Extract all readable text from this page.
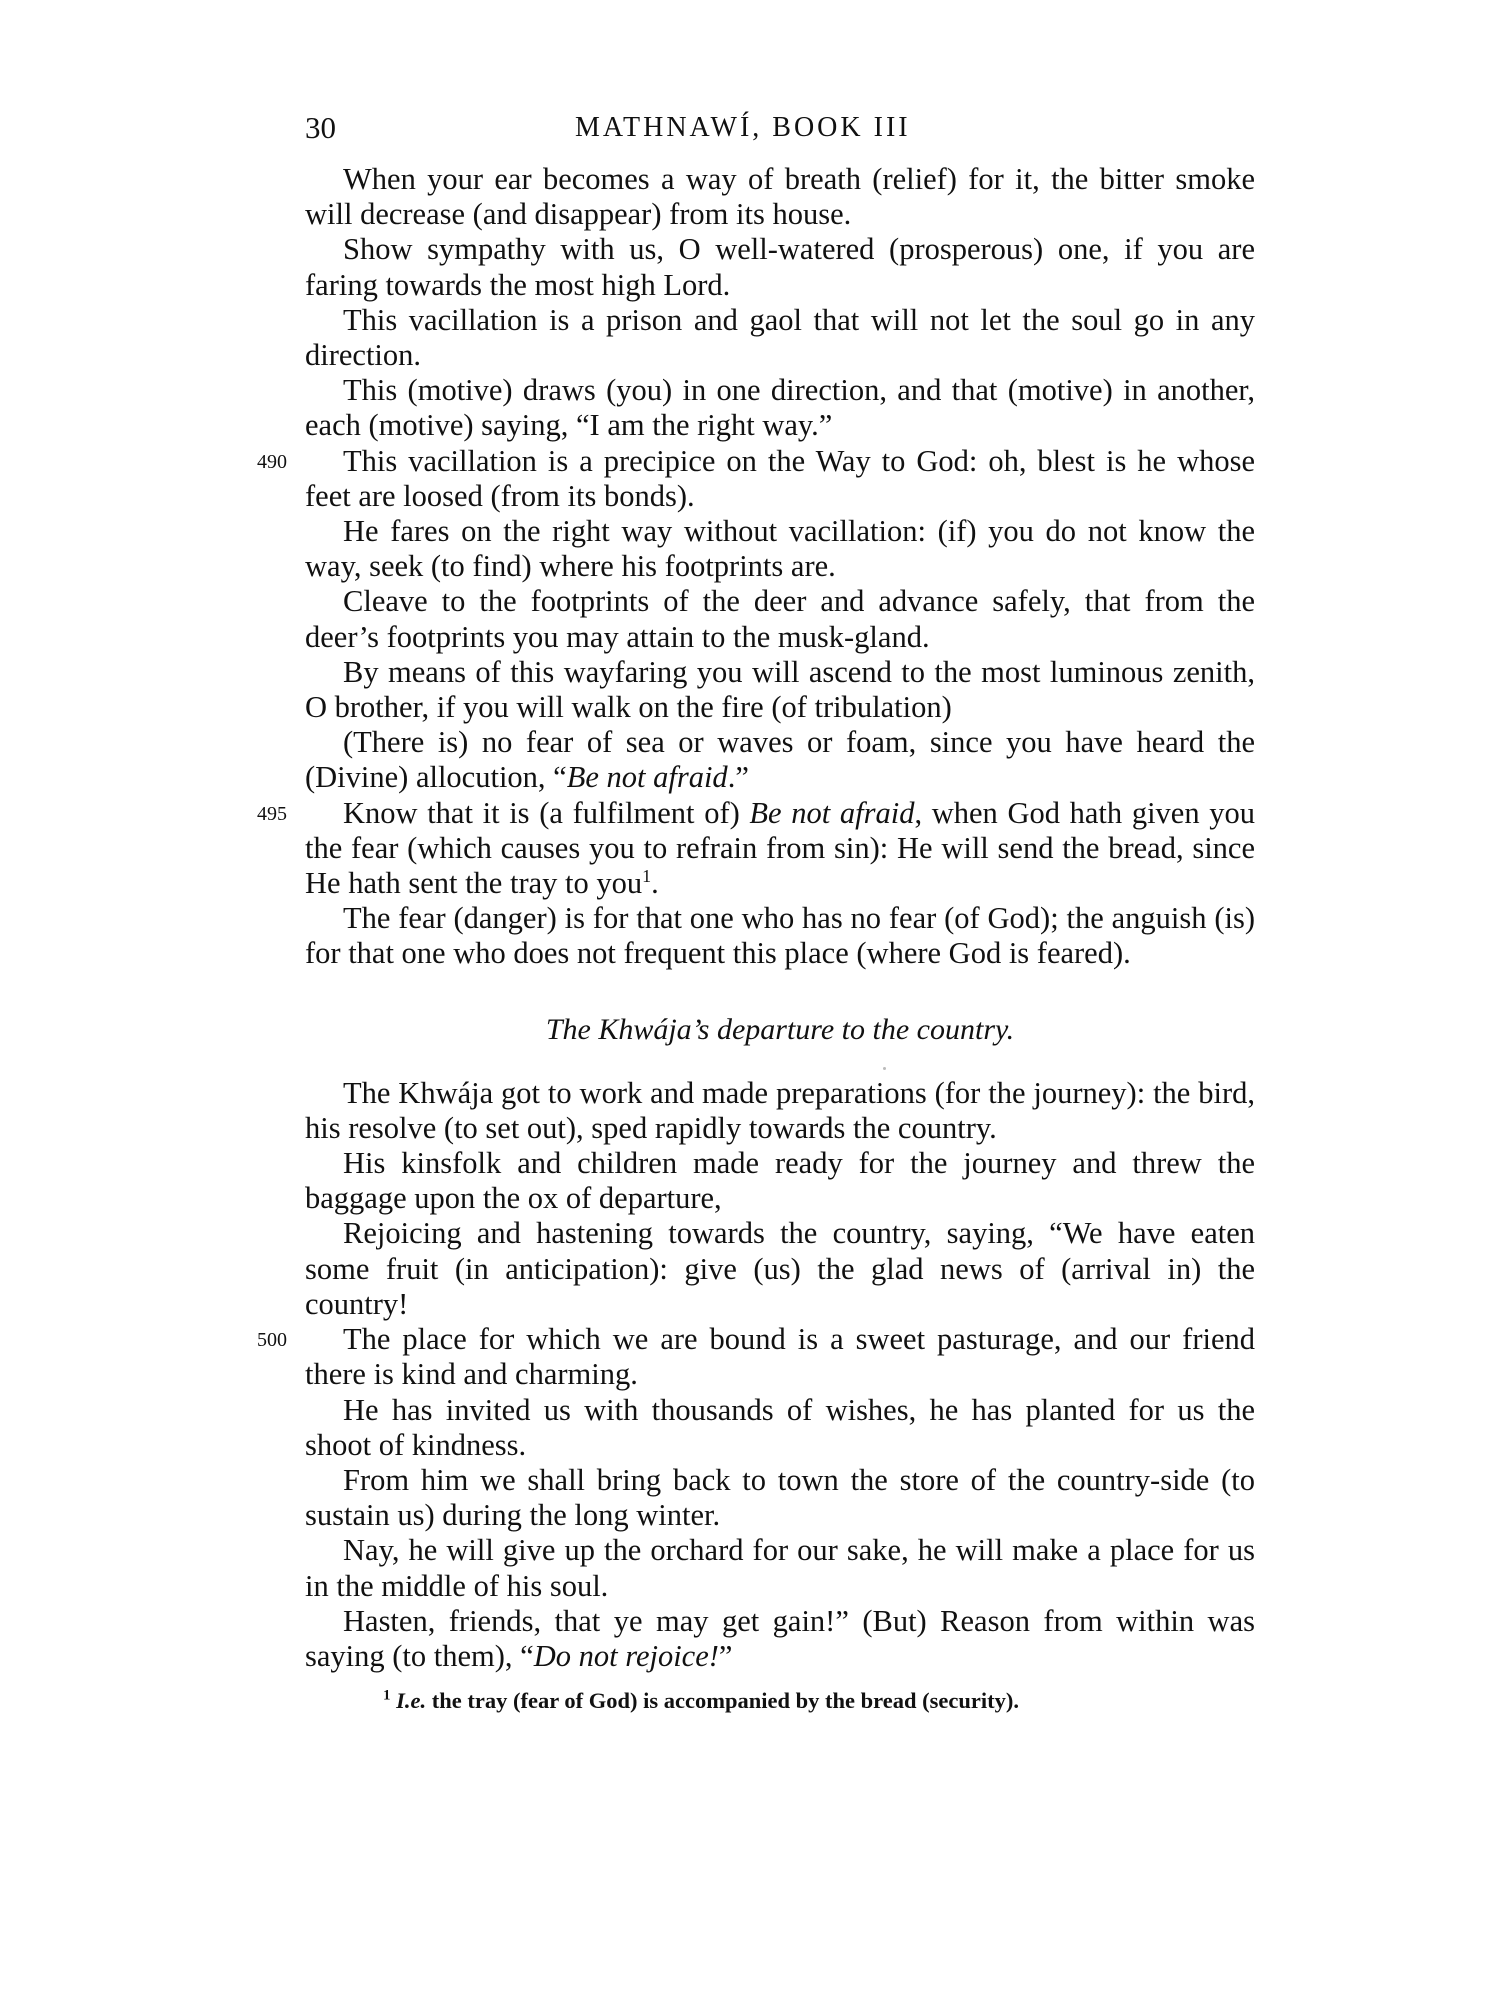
30	MATHNAWÍ, BOOK III

When your ear becomes a way of breath (relief) for it, the bitter smoke will decrease (and disappear) from its house.

Show sympathy with us, O well-watered (prosperous) one, if you are faring towards the most high Lord.

This vacillation is a prison and gaol that will not let the soul go in any direction.

This (motive) draws (you) in one direction, and that (motive) in another, each (motive) saying, “I am the right way.”

490	This vacillation is a precipice on the Way to God: oh, blest is he whose feet are loosed (from its bonds).

He fares on the right way without vacillation: (if) you do not know the way, seek (to find) where his footprints are.

Cleave to the footprints of the deer and advance safely, that from the deer’s footprints you may attain to the musk-gland.

By means of this wayfaring you will ascend to the most luminous zenith, O brother, if you will walk on the fire (of tribulation)

(There is) no fear of sea or waves or foam, since you have heard the (Divine) allocution, “Be not afraid.”

495	Know that it is (a fulfilment of) Be not afraid, when God hath given you the fear (which causes you to refrain from sin): He will send the bread, since He hath sent the tray to you$^1$.

The fear (danger) is for that one who has no fear (of God); the anguish (is) for that one who does not frequent this place (where God is feared).

The Khwája’s departure to the country.

The Khwája got to work and made preparations (for the journey): the bird, his resolve (to set out), sped rapidly towards the country.

His kinsfolk and children made ready for the journey and threw the baggage upon the ox of departure,

Rejoicing and hastening towards the country, saying, “We have eaten some fruit (in anticipation): give (us) the glad news of (arrival in) the country!

500	The place for which we are bound is a sweet pasturage, and our friend there is kind and charming.

He has invited us with thousands of wishes, he has planted for us the shoot of kindness.

From him we shall bring back to town the store of the country-side (to sustain us) during the long winter.

Nay, he will give up the orchard for our sake, he will make a place for us in the middle of his soul.

Hasten, friends, that ye may get gain!” (But) Reason from within was saying (to them), “Do not rejoice!”

$^1$ I.e. the tray (fear of God) is accompanied by the bread (security).
